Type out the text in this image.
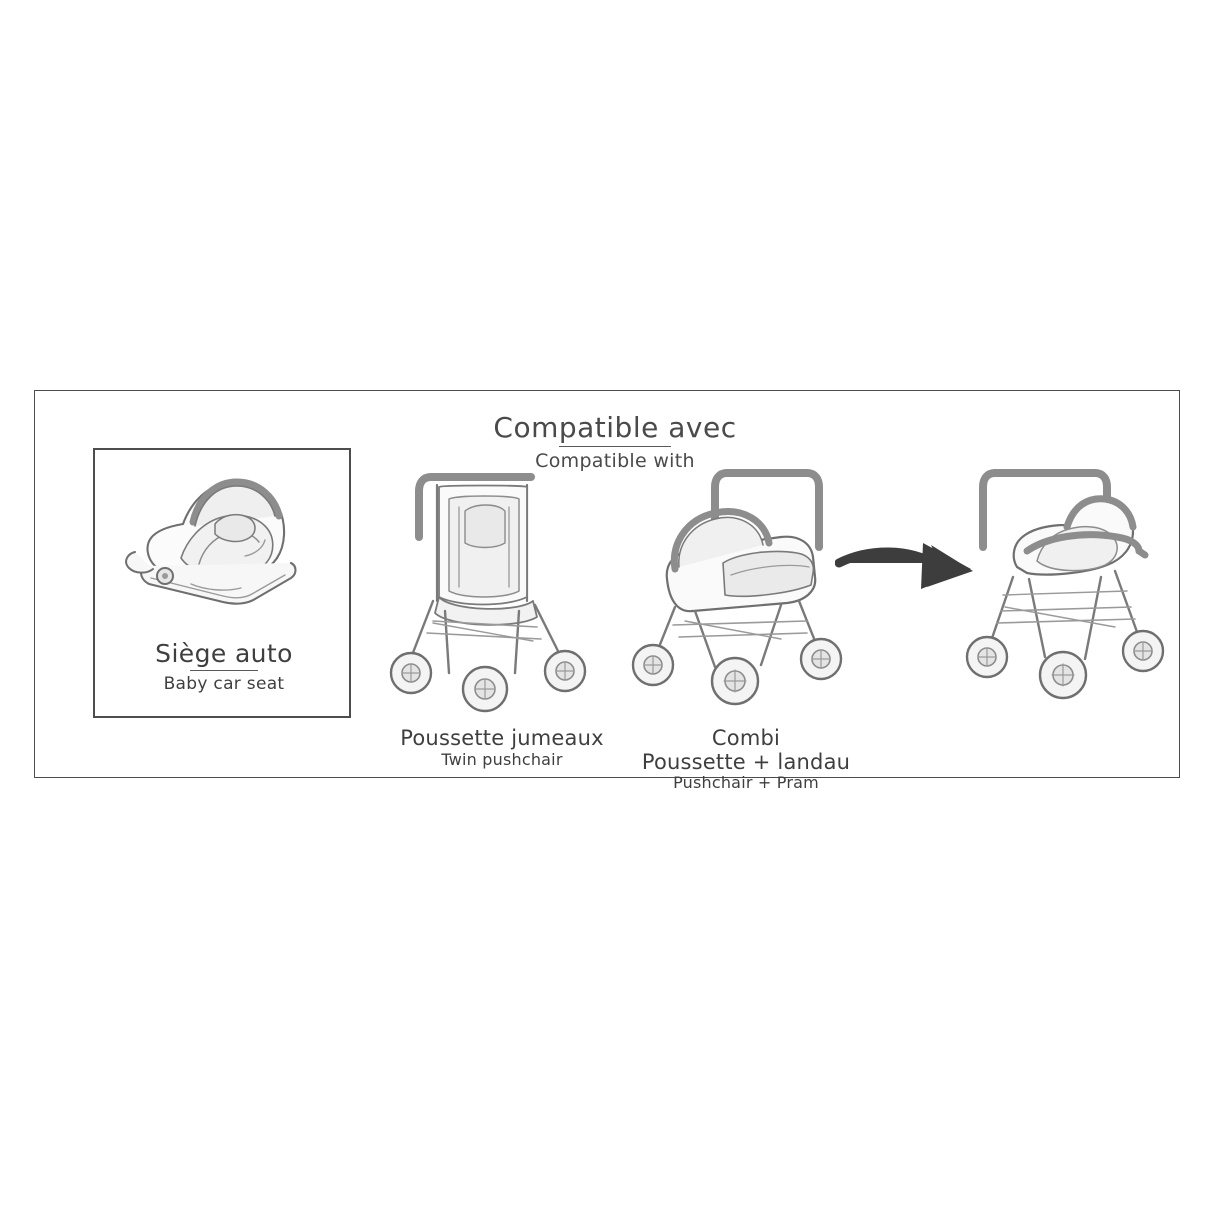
Compatible avec
Compatible with
Siège auto
Baby car seat
Poussette jumeaux
Twin pushchair
Combi
Poussette + landau
Pushchair + Pram
